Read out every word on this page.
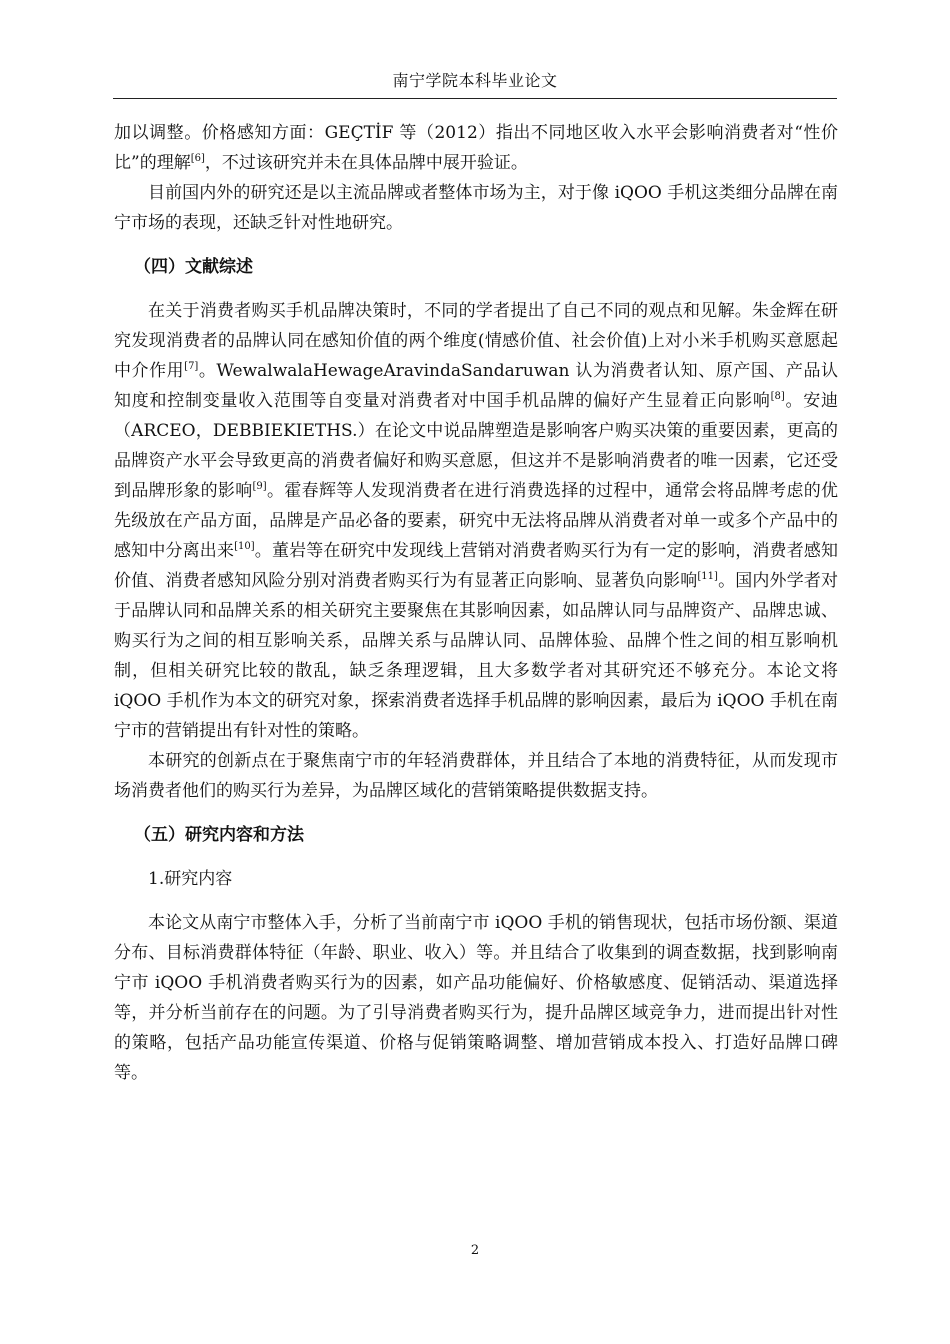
南宁学院本科毕业论文

加以调整。价格感知方面：GEÇTİF 等（2012）指出不同地区收入水平会影响消费者对“性价比”的理解[6]，不过该研究并未在具体品牌中展开验证。

目前国内外的研究还是以主流品牌或者整体市场为主，对于像 iQOO 手机这类细分品牌在南宁市场的表现，还缺乏针对性地研究。

（四）文献综述

在关于消费者购买手机品牌决策时，不同的学者提出了自己不同的观点和见解。朱金辉在研究发现消费者的品牌认同在感知价值的两个维度(情感价值、社会价值)上对小米手机购买意愿起中介作用[7]。WewalwalaHewageAravindaSandaruwan 认为消费者认知、原产国、产品认知度和控制变量收入范围等自变量对消费者对中国手机品牌的偏好产生显着正向影响[8]。安迪（ARCEO，DEBBIEKIETHS.）在论文中说品牌塑造是影响客户购买决策的重要因素，更高的品牌资产水平会导致更高的消费者偏好和购买意愿，但这并不是影响消费者的唯一因素，它还受到品牌形象的影响[9]。霍春辉等人发现消费者在进行消费选择的过程中，通常会将品牌考虑的优先级放在产品方面，品牌是产品必备的要素，研究中无法将品牌从消费者对单一或多个产品中的感知中分离出来[10]。董岩等在研究中发现线上营销对消费者购买行为有一定的影响，消费者感知价值、消费者感知风险分别对消费者购买行为有显著正向影响、显著负向影响[11]。国内外学者对于品牌认同和品牌关系的相关研究主要聚焦在其影响因素，如品牌认同与品牌资产、品牌忠诚、购买行为之间的相互影响关系，品牌关系与品牌认同、品牌体验、品牌个性之间的相互影响机制，但相关研究比较的散乱，缺乏条理逻辑，且大多数学者对其研究还不够充分。本论文将 iQOO 手机作为本文的研究对象，探索消费者选择手机品牌的影响因素，最后为 iQOO 手机在南宁市的营销提出有针对性的策略。

本研究的创新点在于聚焦南宁市的年轻消费群体，并且结合了本地的消费特征，从而发现市场消费者他们的购买行为差异，为品牌区域化的营销策略提供数据支持。

（五）研究内容和方法
1.研究内容

本论文从南宁市整体入手，分析了当前南宁市 iQOO 手机的销售现状，包括市场份额、渠道分布、目标消费群体特征（年龄、职业、收入）等。并且结合了收集到的调查数据，找到影响南宁市 iQOO 手机消费者购买行为的因素，如产品功能偏好、价格敏感度、促销活动、渠道选择等，并分析当前存在的问题。为了引导消费者购买行为，提升品牌区域竞争力，进而提出针对性的策略，包括产品功能宣传渠道、价格与促销策略调整、增加营销成本投入、打造好品牌口碑等。

2
